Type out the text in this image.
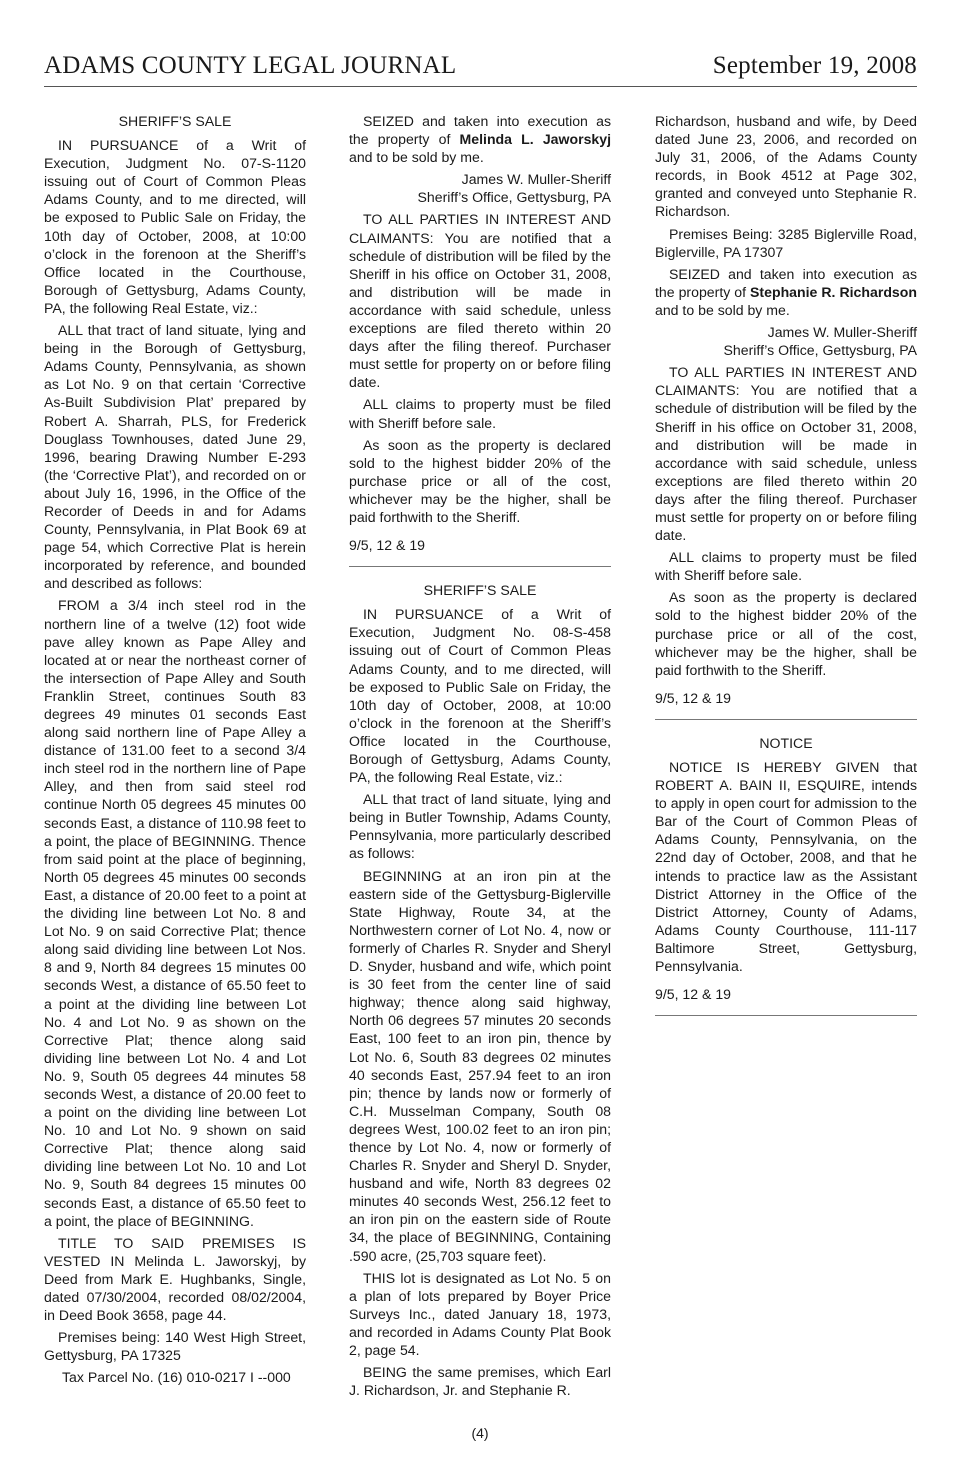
ADAMS COUNTY LEGAL JOURNAL	September 19, 2008

SHERIFF’S SALE

IN PURSUANCE of a Writ of Execution, Judgment No. 07-S-1120 issuing out of Court of Common Pleas Adams County, and to me directed, will be exposed to Public Sale on Friday, the 10th day of October, 2008, at 10:00 o’clock in the forenoon at the Sheriff’s Office located in the Courthouse, Borough of Gettysburg, Adams County, PA, the following Real Estate, viz.:

ALL that tract of land situate, lying and being in the Borough of Gettysburg, Adams County, Pennsylvania, as shown as Lot No. 9 on that certain ‘Corrective As-Built Subdivision Plat’ prepared by Robert A. Sharrah, PLS, for Frederick Douglass Townhouses, dated June 29, 1996, bearing Drawing Number E-293 (the ‘Corrective Plat’), and recorded on or about July 16, 1996, in the Office of the Recorder of Deeds in and for Adams County, Pennsylvania, in Plat Book 69 at page 54, which Corrective Plat is herein incorporated by reference, and bounded and described as follows:

FROM a 3/4 inch steel rod in the northern line of a twelve (12) foot wide pave alley known as Pape Alley and located at or near the northeast corner of the intersection of Pape Alley and South Franklin Street, continues South 83 degrees 49 minutes 01 seconds East along said northern line of Pape Alley a distance of 131.00 feet to a second 3/4 inch steel rod in the northern line of Pape Alley, and then from said steel rod continue North 05 degrees 45 minutes 00 seconds East, a distance of 110.98 feet to a point, the place of BEGINNING. Thence from said point at the place of beginning, North 05 degrees 45 minutes 00 seconds East, a distance of 20.00 feet to a point at the dividing line between Lot No. 8 and Lot No. 9 on said Corrective Plat; thence along said dividing line between Lot Nos. 8 and 9, North 84 degrees 15 minutes 00 seconds West, a distance of 65.50 feet to a point at the dividing line between Lot No. 4 and Lot No. 9 as shown on the Corrective Plat; thence along said dividing line between Lot No. 4 and Lot No. 9, South 05 degrees 44 minutes 58 seconds West, a distance of 20.00 feet to a point on the dividing line between Lot No. 10 and Lot No. 9 shown on said Corrective Plat; thence along said dividing line between Lot No. 10 and Lot No. 9, South 84 degrees 15 minutes 00 seconds East, a distance of 65.50 feet to a point, the place of BEGINNING.

TITLE TO SAID PREMISES IS VESTED IN Melinda L. Jaworskyj, by Deed from Mark E. Hughbanks, Single, dated 07/30/2004, recorded 08/02/2004, in Deed Book 3658, page 44.

Premises being: 140 West High Street, Gettysburg, PA 17325

Tax Parcel No. (16) 010-0217 I --000

SEIZED and taken into execution as the property of Melinda L. Jaworskyj and to be sold by me.

James W. Muller-Sheriff

Sheriff’s Office, Gettysburg, PA

TO ALL PARTIES IN INTEREST AND CLAIMANTS: You are notified that a schedule of distribution will be filed by the Sheriff in his office on October 31, 2008, and distribution will be made in accordance with said schedule, unless exceptions are filed thereto within 20 days after the filing thereof. Purchaser must settle for property on or before filing date.

ALL claims to property must be filed with Sheriff before sale.

As soon as the property is declared sold to the highest bidder 20% of the purchase price or all of the cost, whichever may be the higher, shall be paid forthwith to the Sheriff.

9/5, 12 & 19

SHERIFF’S SALE

IN PURSUANCE of a Writ of Execution, Judgment No. 08-S-458 issuing out of Court of Common Pleas Adams County, and to me directed, will be exposed to Public Sale on Friday, the 10th day of October, 2008, at 10:00 o’clock in the forenoon at the Sheriff’s Office located in the Courthouse, Borough of Gettysburg, Adams County, PA, the following Real Estate, viz.:

ALL that tract of land situate, lying and being in Butler Township, Adams County, Pennsylvania, more particularly described as follows:

BEGINNING at an iron pin at the eastern side of the Gettysburg-Biglerville State Highway, Route 34, at the Northwestern corner of Lot No. 4, now or formerly of Charles R. Snyder and Sheryl D. Snyder, husband and wife, which point is 30 feet from the center line of said highway; thence along said highway, North 06 degrees 57 minutes 20 seconds East, 100 feet to an iron pin, thence by Lot No. 6, South 83 degrees 02 minutes 40 seconds East, 257.94 feet to an iron pin; thence by lands now or formerly of C.H. Musselman Company, South 08 degrees West, 100.02 feet to an iron pin; thence by Lot No. 4, now or formerly of Charles R. Snyder and Sheryl D. Snyder, husband and wife, North 83 degrees 02 minutes 40 seconds West, 256.12 feet to an iron pin on the eastern side of Route 34, the place of BEGINNING, Containing .590 acre, (25,703 square feet).

THIS lot is designated as Lot No. 5 on a plan of lots prepared by Boyer Price Surveys Inc., dated January 18, 1973, and recorded in Adams County Plat Book 2, page 54.

BEING the same premises, which Earl J. Richardson, Jr. and Stephanie R.

Richardson, husband and wife, by Deed dated June 23, 2006, and recorded on July 31, 2006, of the Adams County records, in Book 4512 at Page 302, granted and conveyed unto Stephanie R. Richardson.

Premises Being: 3285 Biglerville Road, Biglerville, PA 17307

SEIZED and taken into execution as the property of Stephanie R. Richardson and to be sold by me.

James W. Muller-Sheriff

Sheriff’s Office, Gettysburg, PA

TO ALL PARTIES IN INTEREST AND CLAIMANTS: You are notified that a schedule of distribution will be filed by the Sheriff in his office on October 31, 2008, and distribution will be made in accordance with said schedule, unless exceptions are filed thereto within 20 days after the filing thereof. Purchaser must settle for property on or before filing date.

ALL claims to property must be filed with Sheriff before sale.

As soon as the property is declared sold to the highest bidder 20% of the purchase price or all of the cost, whichever may be the higher, shall be paid forthwith to the Sheriff.

9/5, 12 & 19

NOTICE

NOTICE IS HEREBY GIVEN that ROBERT A. BAIN II, ESQUIRE, intends to apply in open court for admission to the Bar of the Court of Common Pleas of Adams County, Pennsylvania, on the 22nd day of October, 2008, and that he intends to practice law as the Assistant District Attorney in the Office of the District Attorney, County of Adams, Adams County Courthouse, 111-117 Baltimore Street, Gettysburg, Pennsylvania.

9/5, 12 & 19

(4)
